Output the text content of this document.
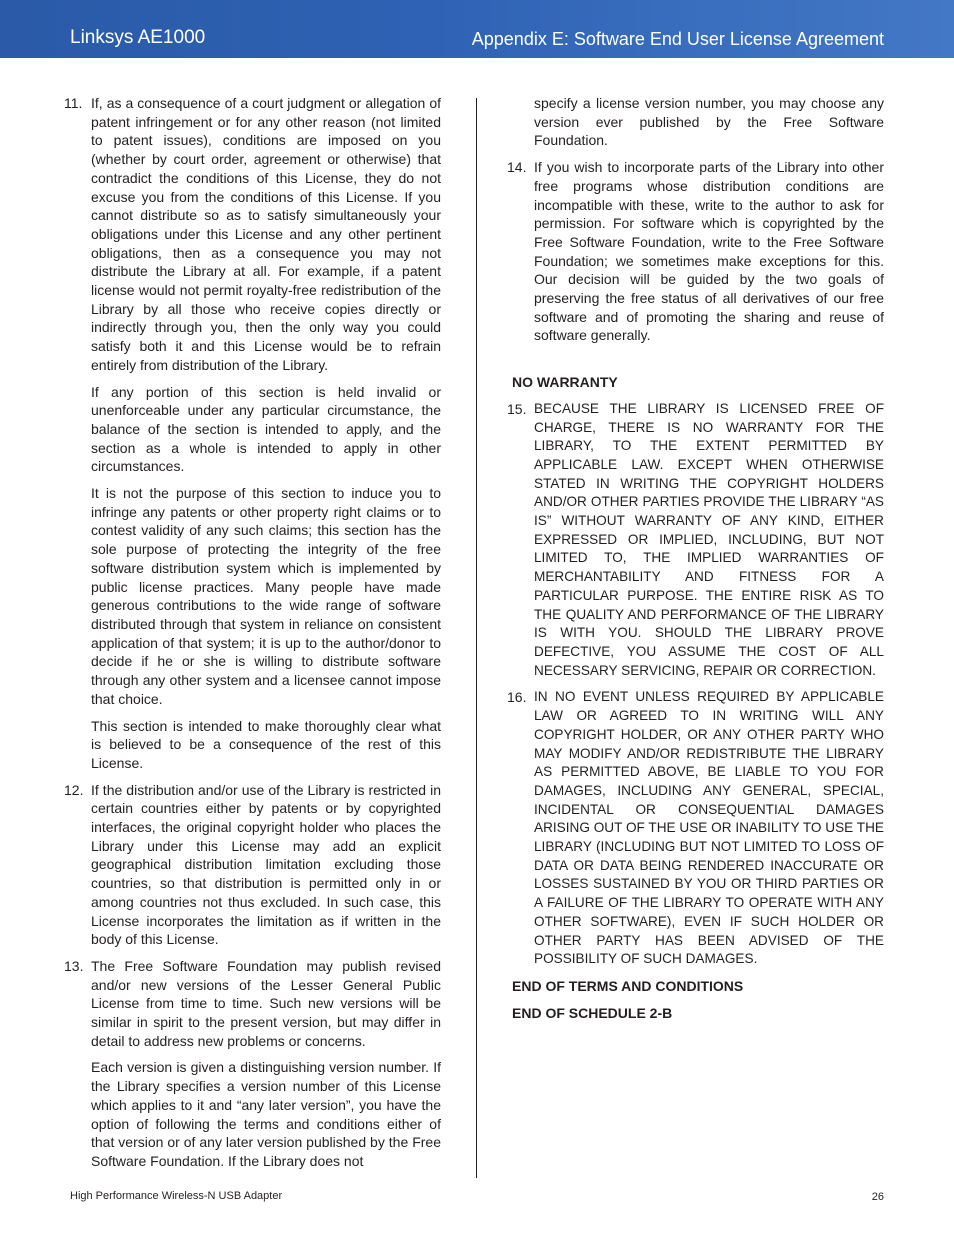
Linksys AE1000	Appendix E: Software End User License Agreement
11. If, as a consequence of a court judgment or allegation of patent infringement or for any other reason (not limited to patent issues), conditions are imposed on you (whether by court order, agreement or otherwise) that contradict the conditions of this License, they do not excuse you from the conditions of this License. If you cannot distribute so as to satisfy simultaneously your obligations under this License and any other pertinent obligations, then as a consequence you may not distribute the Library at all. For example, if a patent license would not permit royalty-free redistribution of the Library by all those who receive copies directly or indirectly through you, then the only way you could satisfy both it and this License would be to refrain entirely from distribution of the Library.

If any portion of this section is held invalid or unenforceable under any particular circumstance, the balance of the section is intended to apply, and the section as a whole is intended to apply in other circumstances.

It is not the purpose of this section to induce you to infringe any patents or other property right claims or to contest validity of any such claims; this section has the sole purpose of protecting the integrity of the free software distribution system which is implemented by public license practices. Many people have made generous contributions to the wide range of software distributed through that system in reliance on consistent application of that system; it is up to the author/donor to decide if he or she is willing to distribute software through any other system and a licensee cannot impose that choice.

This section is intended to make thoroughly clear what is believed to be a consequence of the rest of this License.

12. If the distribution and/or use of the Library is restricted in certain countries either by patents or by copyrighted interfaces, the original copyright holder who places the Library under this License may add an explicit geographical distribution limitation excluding those countries, so that distribution is permitted only in or among countries not thus excluded. In such case, this License incorporates the limitation as if written in the body of this License.

13. The Free Software Foundation may publish revised and/or new versions of the Lesser General Public License from time to time. Such new versions will be similar in spirit to the present version, but may differ in detail to address new problems or concerns.

Each version is given a distinguishing version number. If the Library specifies a version number of this License which applies to it and “any later version”, you have the option of following the terms and conditions either of that version or of any later version published by the Free Software Foundation. If the Library does not

specify a license version number, you may choose any version ever published by the Free Software Foundation.

14. If you wish to incorporate parts of the Library into other free programs whose distribution conditions are incompatible with these, write to the author to ask for permission. For software which is copyrighted by the Free Software Foundation, write to the Free Software Foundation; we sometimes make exceptions for this. Our decision will be guided by the two goals of preserving the free status of all derivatives of our free software and of promoting the sharing and reuse of software generally.

NO WARRANTY

15. BECAUSE THE LIBRARY IS LICENSED FREE OF CHARGE, THERE IS NO WARRANTY FOR THE LIBRARY, TO THE EXTENT PERMITTED BY APPLICABLE LAW. EXCEPT WHEN OTHERWISE STATED IN WRITING THE COPYRIGHT HOLDERS AND/OR OTHER PARTIES PROVIDE THE LIBRARY “AS IS” WITHOUT WARRANTY OF ANY KIND, EITHER EXPRESSED OR IMPLIED, INCLUDING, BUT NOT LIMITED TO, THE IMPLIED WARRANTIES OF MERCHANTABILITY AND FITNESS FOR A PARTICULAR PURPOSE. THE ENTIRE RISK AS TO THE QUALITY AND PERFORMANCE OF THE LIBRARY IS WITH YOU. SHOULD THE LIBRARY PROVE DEFECTIVE, YOU ASSUME THE COST OF ALL NECESSARY SERVICING, REPAIR OR CORRECTION.

16. IN NO EVENT UNLESS REQUIRED BY APPLICABLE LAW OR AGREED TO IN WRITING WILL ANY COPYRIGHT HOLDER, OR ANY OTHER PARTY WHO MAY MODIFY AND/OR REDISTRIBUTE THE LIBRARY AS PERMITTED ABOVE, BE LIABLE TO YOU FOR DAMAGES, INCLUDING ANY GENERAL, SPECIAL, INCIDENTAL OR CONSEQUENTIAL DAMAGES ARISING OUT OF THE USE OR INABILITY TO USE THE LIBRARY (INCLUDING BUT NOT LIMITED TO LOSS OF DATA OR DATA BEING RENDERED INACCURATE OR LOSSES SUSTAINED BY YOU OR THIRD PARTIES OR A FAILURE OF THE LIBRARY TO OPERATE WITH ANY OTHER SOFTWARE), EVEN IF SUCH HOLDER OR OTHER PARTY HAS BEEN ADVISED OF THE POSSIBILITY OF SUCH DAMAGES.

END OF TERMS AND CONDITIONS

END OF SCHEDULE 2-B

High Performance Wireless-N USB Adapter	26
